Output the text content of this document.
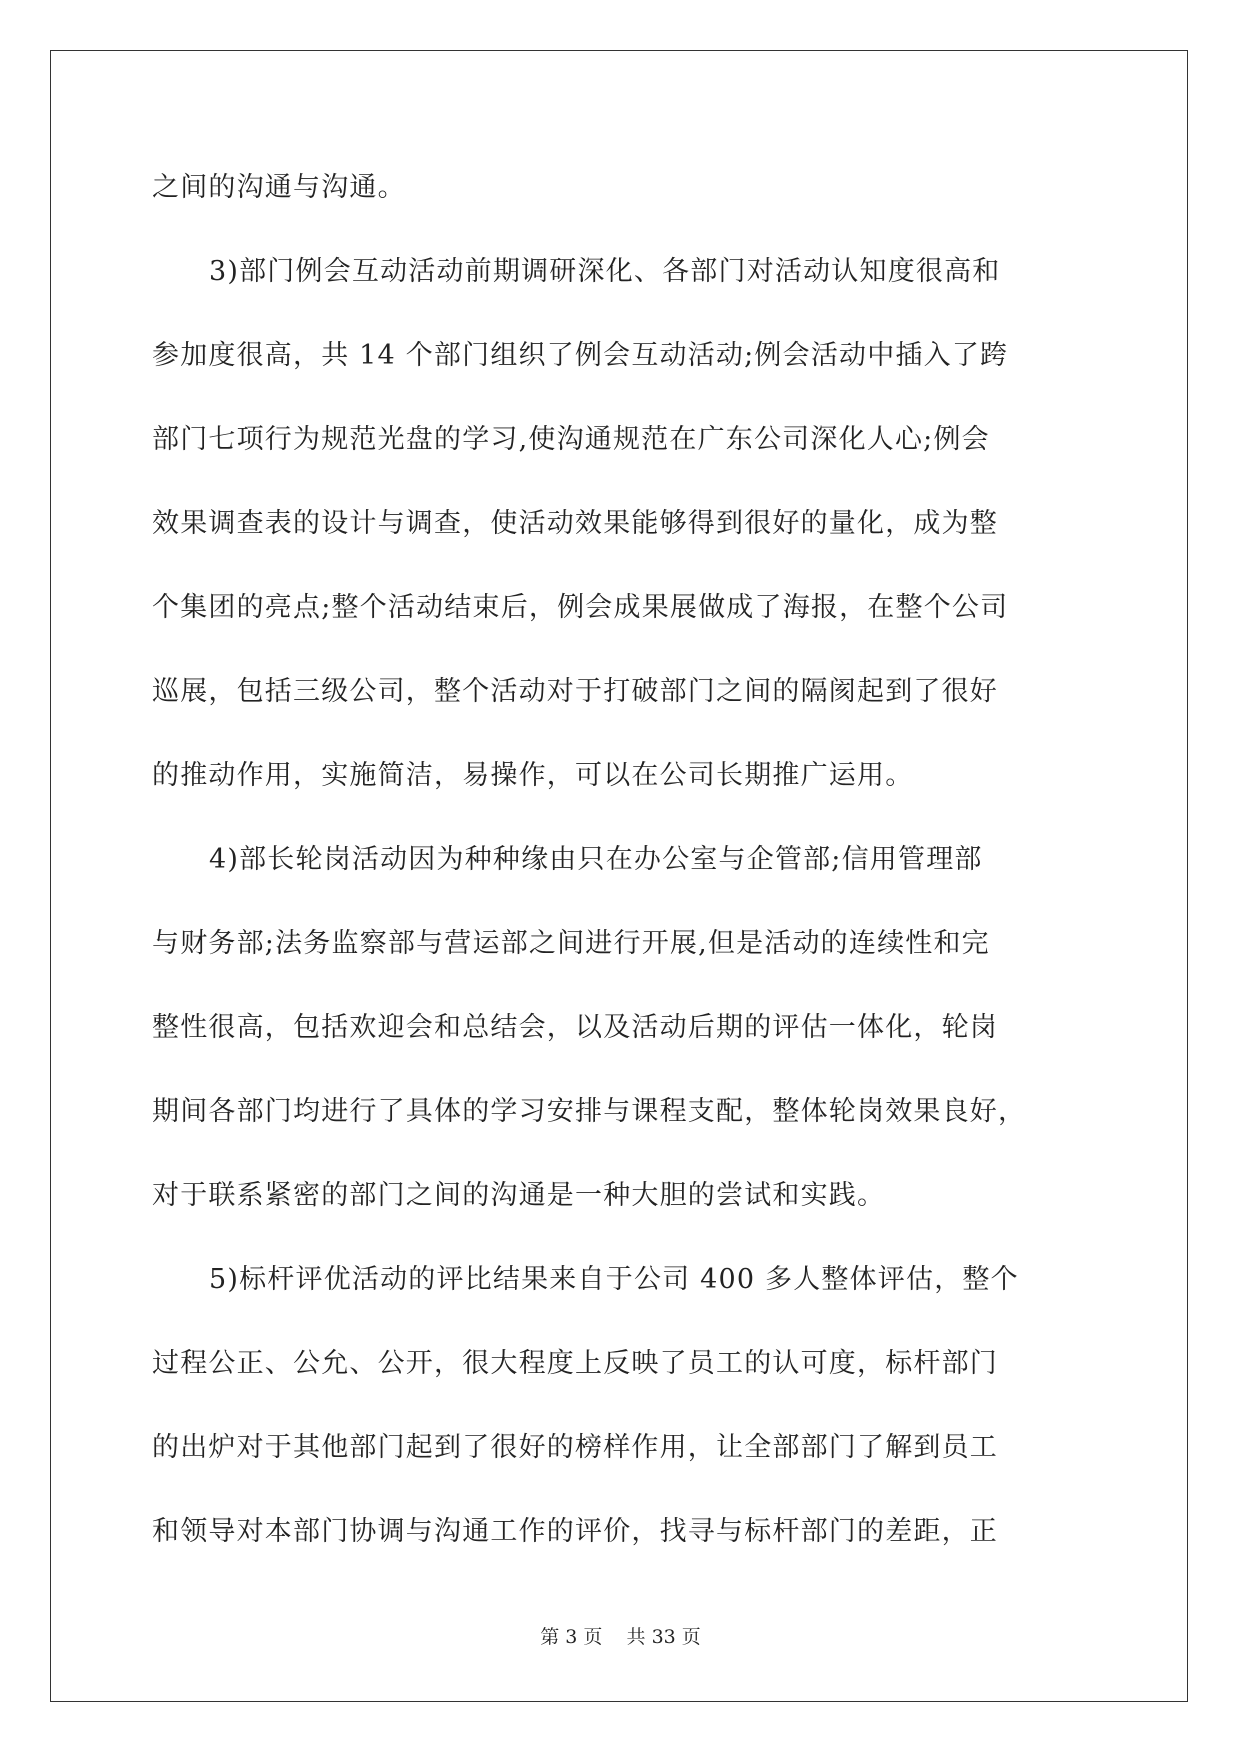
之间的沟通与沟通。
3)部门例会互动活动前期调研深化、各部门对活动认知度很高和
参加度很高，共 14 个部门组织了例会互动活动;例会活动中插入了跨
部门七项行为规范光盘的学习,使沟通规范在广东公司深化人心;例会
效果调查表的设计与调查，使活动效果能够得到很好的量化，成为整
个集团的亮点;整个活动结束后，例会成果展做成了海报，在整个公司
巡展，包括三级公司，整个活动对于打破部门之间的隔阂起到了很好
的推动作用，实施简洁，易操作，可以在公司长期推广运用。
4)部长轮岗活动因为种种缘由只在办公室与企管部;信用管理部
与财务部;法务监察部与营运部之间进行开展,但是活动的连续性和完
整性很高，包括欢迎会和总结会，以及活动后期的评估一体化，轮岗
期间各部门均进行了具体的学习安排与课程支配，整体轮岗效果良好，
对于联系紧密的部门之间的沟通是一种大胆的尝试和实践。
5)标杆评优活动的评比结果来自于公司 400 多人整体评估，整个
过程公正、公允、公开，很大程度上反映了员工的认可度，标杆部门
的出炉对于其他部门起到了很好的榜样作用，让全部部门了解到员工
和领导对本部门协调与沟通工作的评价，找寻与标杆部门的差距，正
第 3 页    共 33 页
